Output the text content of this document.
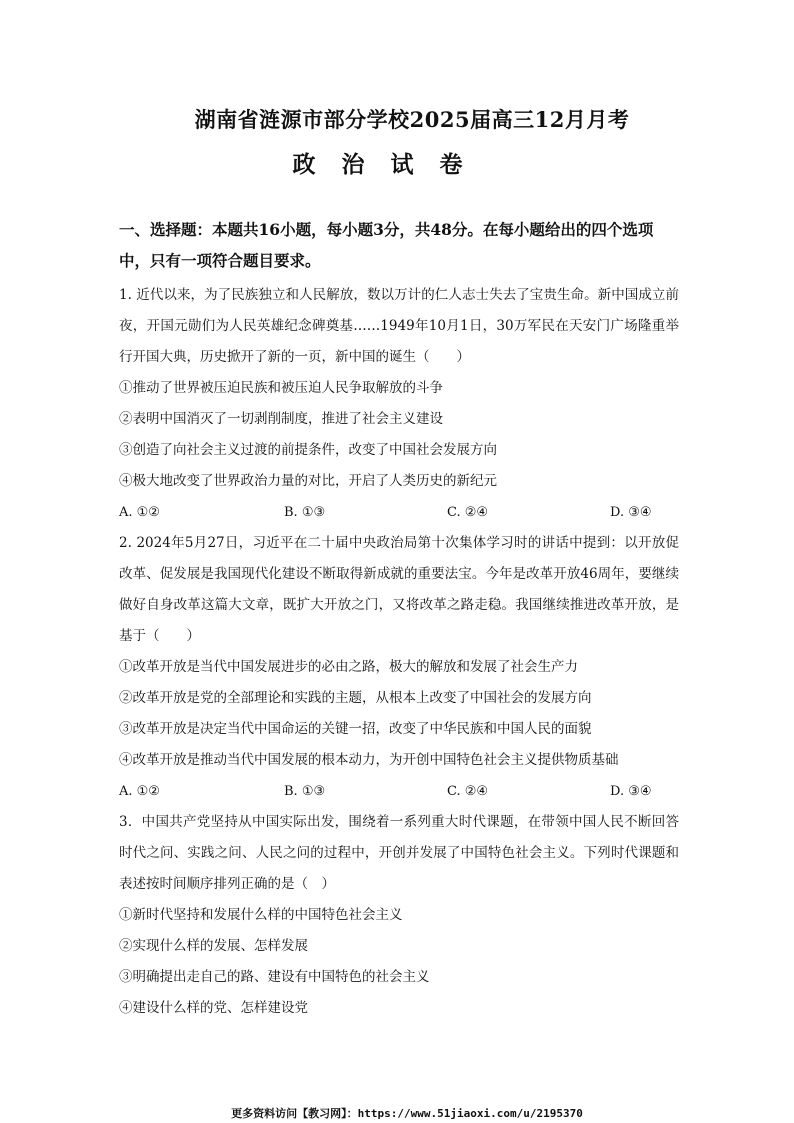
湖南省涟源市部分学校2025届高三12月月考
政 治 试 卷

一、选择题：本题共16小题，每小题3分，共48分。在每小题给出的四个选项中，只有一项符合题目要求。

1. 近代以来，为了民族独立和人民解放，数以万计的仁人志士失去了宝贵生命。新中国成立前夜，开国元勋们为人民英雄纪念碑奠基……1949年10月1日，30万军民在天安门广场隆重举行开国大典，历史掀开了新的一页，新中国的诞生（　　）

①推动了世界被压迫民族和被压迫人民争取解放的斗争

②表明中国消灭了一切剥削制度，推进了社会主义建设

③创造了向社会主义过渡的前提条件，改变了中国社会发展方向

④极大地改变了世界政治力量的对比，开启了人类历史的新纪元

A. ①②	B. ①③	C. ②④	D. ③④

2. 2024年5月27日，习近平在二十届中央政治局第十次集体学习时的讲话中提到：以开放促改革、促发展是我国现代化建设不断取得新成就的重要法宝。今年是改革开放46周年，要继续做好自身改革这篇大文章，既扩大开放之门，又将改革之路走稳。我国继续推进改革开放，是基于（　　）

①改革开放是当代中国发展进步的必由之路，极大的解放和发展了社会生产力

②改革开放是党的全部理论和实践的主题，从根本上改变了中国社会的发展方向

③改革开放是决定当代中国命运的关键一招，改变了中华民族和中国人民的面貌

④改革开放是推动当代中国发展的根本动力，为开创中国特色社会主义提供物质基础

A. ①②	B. ①③	C. ②④	D. ③④

3．中国共产党坚持从中国实际出发，围绕着一系列重大时代课题，在带领中国人民不断回答时代之问、实践之问、人民之问的过程中，开创并发展了中国特色社会主义。下列时代课题和表述按时间顺序排列正确的是（　）

①新时代坚持和发展什么样的中国特色社会主义

②实现什么样的发展、怎样发展

③明确提出走自己的路、建设有中国特色的社会主义

④建设什么样的党、怎样建设党

更多资料访问【教习网】：https://www.51jiaoxi.com/u/2195370
